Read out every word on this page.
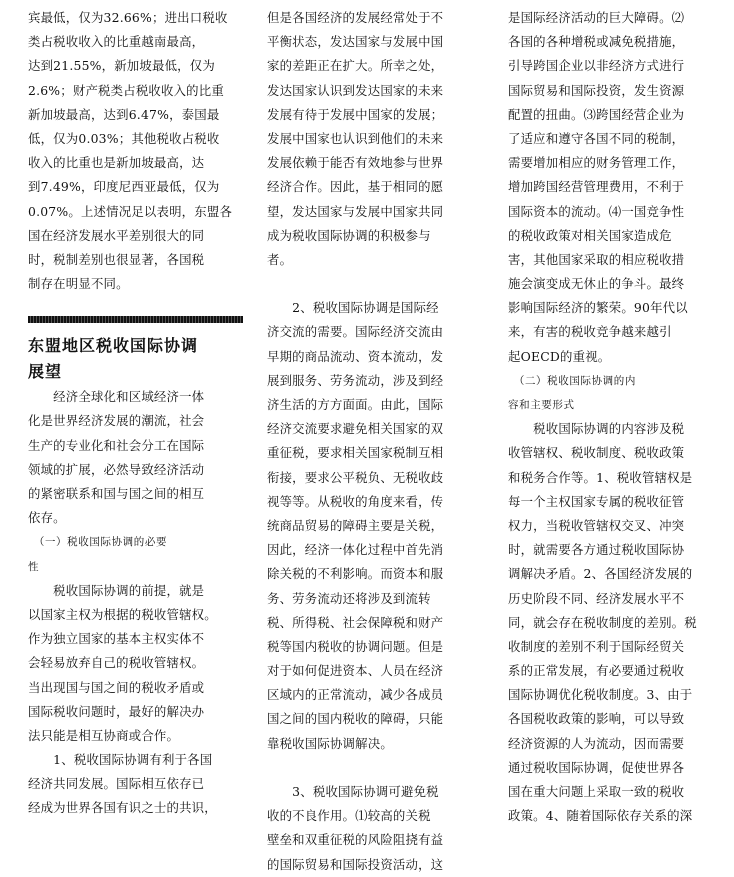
宾最低，仅为32.66%；进出口税收
类占税收收入的比重越南最高，
达到21.55%，新加坡最低，仅为
2.6%；财产税类占税收收入的比重
新加坡最高，达到6.47%，泰国最
低，仅为0.03%；其他税收占税收
收入的比重也是新加坡最高，达
到7.49%，印度尼西亚最低，仅为
0.07%。上述情况足以表明，东盟各
国在经济发展水平差别很大的同
时，税制差别也很显著，各国税
制存在明显不同。
东盟地区税收国际协调
展望
　　经济全球化和区域经济一体
化是世界经济发展的潮流，社会
生产的专业化和社会分工在国际
领域的扩展，必然导致经济活动
的紧密联系和国与国之间的相互
依存。
　（一）税收国际协调的必要
性
　　税收国际协调的前提，就是
以国家主权为根据的税收管辖权。
作为独立国家的基本主权实体不
会轻易放弃自己的税收管辖权。
当出现国与国之间的税收矛盾或
国际税收问题时，最好的解决办
法只能是相互协商或合作。
　　1、税收国际协调有利于各国
经济共同发展。国际相互依存已
经成为世界各国有识之士的共识，
但是各国经济的发展经常处于不
平衡状态，发达国家与发展中国
家的差距正在扩大。所幸之处，
发达国家认识到发达国家的未来
发展有待于发展中国家的发展；
发展中国家也认识到他们的未来
发展依赖于能否有效地参与世界
经济合作。因此，基于相同的愿
望，发达国家与发展中国家共同
成为税收国际协调的积极参与
者。
　　2、税收国际协调是国际经
济交流的需要。国际经济交流由
早期的商品流动、资本流动，发
展到服务、劳务流动，涉及到经
济生活的方方面面。由此，国际
经济交流要求避免相关国家的双
重征税，要求相关国家税制互相
衔接，要求公平税负、无税收歧
视等等。从税收的角度来看，传
统商品贸易的障碍主要是关税，
因此，经济一体化过程中首先消
除关税的不利影响。而资本和服
务、劳务流动还将涉及到流转
税、所得税、社会保障税和财产
税等国内税收的协调问题。但是
对于如何促进资本、人员在经济
区域内的正常流动，减少各成员
国之间的国内税收的障碍，只能
靠税收国际协调解决。
　　3、税收国际协调可避免税
收的不良作用。⑴较高的关税
壁垒和双重征税的风险阻挠有益
的国际贸易和国际投资活动，这
是国际经济活动的巨大障碍。⑵
各国的各种增税或减免税措施，
引导跨国企业以非经济方式进行
国际贸易和国际投资，发生资源
配置的扭曲。⑶跨国经营企业为
了适应和遵守各国不同的税制，
需要增加相应的财务管理工作，
增加跨国经营管理费用，不利于
国际资本的流动。⑷一国竞争性
的税收政策对相关国家造成危
害，其他国家采取的相应税收措
施会演变成无休止的争斗。最终
影响国际经济的繁荣。90年代以
来，有害的税收竞争越来越引
起OECD的重视。
　（二）税收国际协调的内
容和主要形式
　　税收国际协调的内容涉及税
收管辖权、税收制度、税收政策
和税务合作等。1、税收管辖权是
每一个主权国家专属的税收征管
权力，当税收管辖权交叉、冲突
时，就需要各方通过税收国际协
调解决矛盾。2、各国经济发展的
历史阶段不同、经济发展水平不
同，就会存在税收制度的差别。税
收制度的差别不利于国际经贸关
系的正常发展，有必要通过税收
国际协调优化税收制度。3、由于
各国税收政策的影响，可以导致
经济资源的人为流动，因而需要
通过税收国际协调，促使世界各
国在重大问题上采取一致的税收
政策。4、随着国际依存关系的深
